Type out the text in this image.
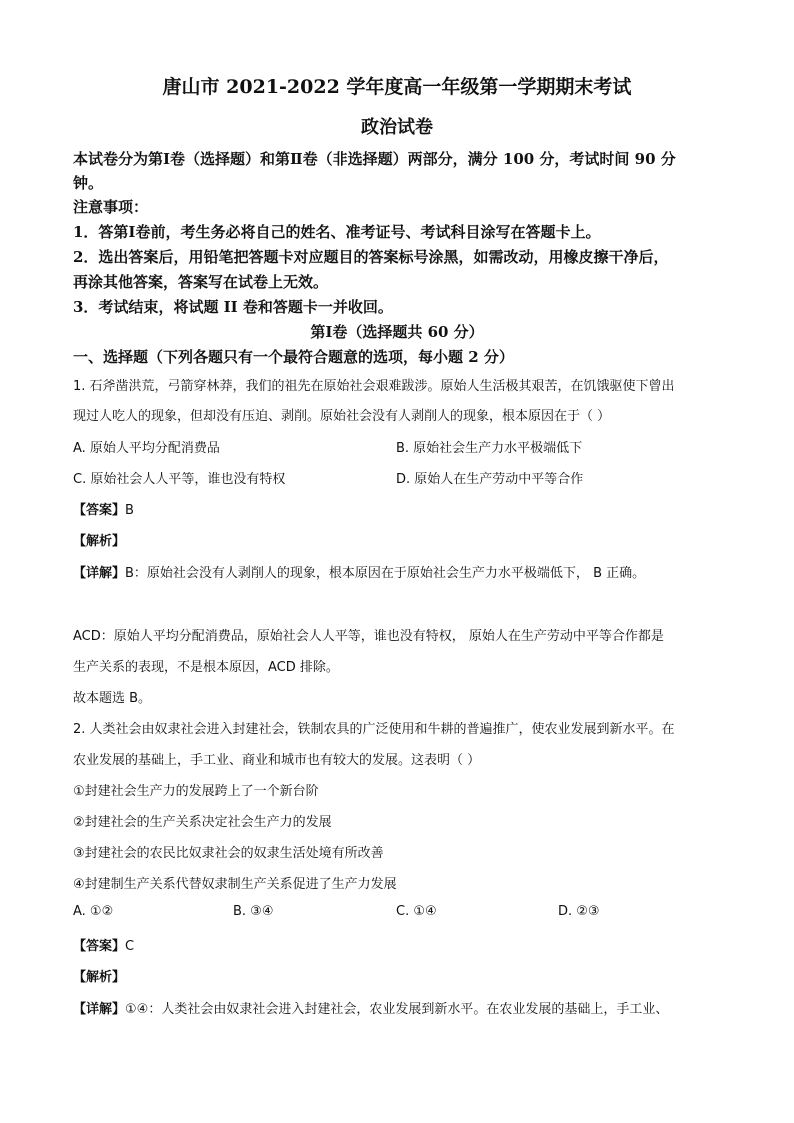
唐山市 2021-2022 学年度高一年级第一学期期末考试
政治试卷
本试卷分为第Ⅰ卷（选择题）和第Ⅱ卷（非选择题）两部分，满分 100 分，考试时间 90 分
钟。
注意事项：
1．答第Ⅰ卷前，考生务必将自己的姓名、准考证号、考试科目涂写在答题卡上。
2．选出答案后，用铅笔把答题卡对应题目的答案标号涂黑，如需改动，用橡皮擦干净后，
再涂其他答案，答案写在试卷上无效。
3．考试结束，将试题 II 卷和答题卡一并收回。
第Ⅰ卷（选择题共 60 分）
一、选择题（下列各题只有一个最符合题意的选项，每小题 2 分）
1. 石斧凿洪荒，弓箭穿林莽，我们的祖先在原始社会艰难跋涉。原始人生活极其艰苦，在饥饿驱使下曾出
现过人吃人的现象，但却没有压迫、剥削。原始社会没有人剥削人的现象，根本原因在于（ ）
A. 原始人平均分配消费品	B. 原始社会生产力水平极端低下
C. 原始社会人人平等，谁也没有特权	D. 原始人在生产劳动中平等合作
【答案】B
【解析】
【详解】B：原始社会没有人剥削人的现象，根本原因在于原始社会生产力水平极端低下， B 正确。
ACD：原始人平均分配消费品，原始社会人人平等，谁也没有特权， 原始人在生产劳动中平等合作都是
生产关系的表现，不是根本原因，ACD 排除。
故本题选 B。
2. 人类社会由奴隶社会进入封建社会，铁制农具的广泛使用和牛耕的普遍推广，使农业发展到新水平。在
农业发展的基础上，手工业、商业和城市也有较大的发展。这表明（ ）
①封建社会生产力的发展跨上了一个新台阶
②封建社会的生产关系决定社会生产力的发展
③封建社会的农民比奴隶社会的奴隶生活处境有所改善
④封建制生产关系代替奴隶制生产关系促进了生产力发展
A. ①②	B. ③④	C. ①④	D. ②③
【答案】C
【解析】
【详解】①④：人类社会由奴隶社会进入封建社会，农业发展到新水平。在农业发展的基础上，手工业、
